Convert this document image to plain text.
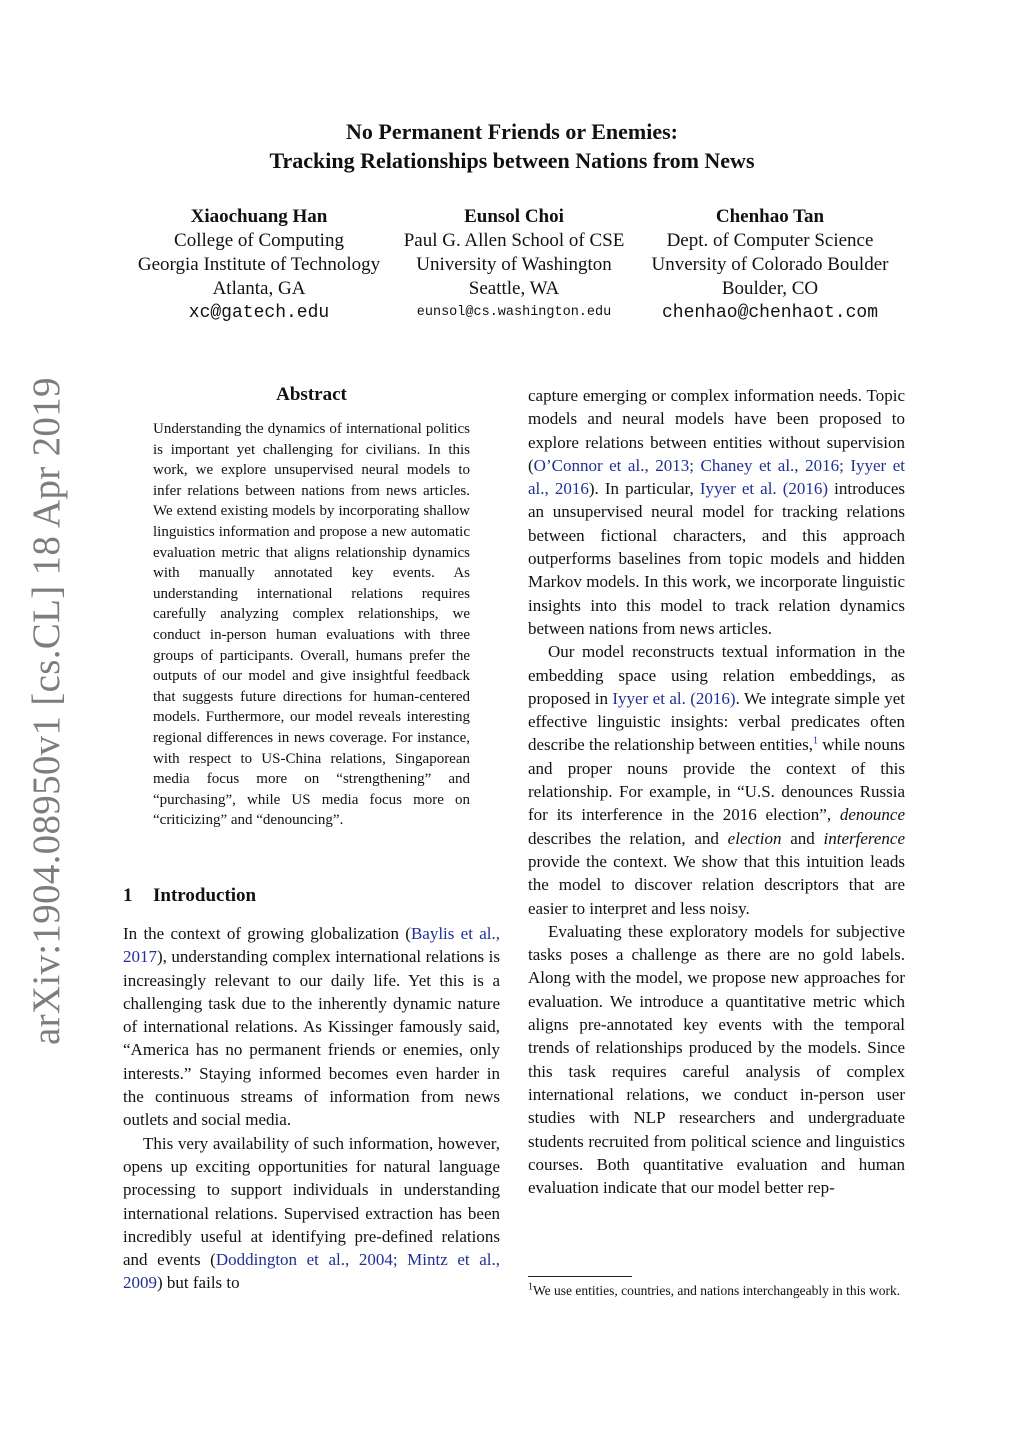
arXiv:1904.08950v1 [cs.CL] 18 Apr 2019
No Permanent Friends or Enemies:
Tracking Relationships between Nations from News
Xiaochuang Han
College of Computing
Georgia Institute of Technology
Atlanta, GA
xc@gatech.edu
Eunsol Choi
Paul G. Allen School of CSE
University of Washington
Seattle, WA
eunsol@cs.washington.edu
Chenhao Tan
Dept. of Computer Science
Unversity of Colorado Boulder
Boulder, CO
chenhao@chenhaot.com
Abstract
Understanding the dynamics of international politics is important yet challenging for civilians. In this work, we explore unsupervised neural models to infer relations between nations from news articles. We extend existing models by incorporating shallow linguistics information and propose a new automatic evaluation metric that aligns relationship dynamics with manually annotated key events. As understanding international relations requires carefully analyzing complex relationships, we conduct in-person human evaluations with three groups of participants. Overall, humans prefer the outputs of our model and give insightful feedback that suggests future directions for human-centered models. Furthermore, our model reveals interesting regional differences in news coverage. For instance, with respect to US-China relations, Singaporean media focus more on “strengthening” and “purchasing”, while US media focus more on “criticizing” and “denouncing”.
1 Introduction

In the context of growing globalization (Baylis et al., 2017), understanding complex international relations is increasingly relevant to our daily life. Yet this is a challenging task due to the inherently dynamic nature of international relations. As Kissinger famously said, “America has no permanent friends or enemies, only interests.” Staying informed becomes even harder in the continuous streams of information from news outlets and social media.

This very availability of such information, however, opens up exciting opportunities for natural language processing to support individuals in understanding international relations. Supervised extraction has been incredibly useful at identifying pre-defined relations and events (Doddington et al., 2004; Mintz et al., 2009) but fails to

capture emerging or complex information needs. Topic models and neural models have been proposed to explore relations between entities without supervision (O’Connor et al., 2013; Chaney et al., 2016; Iyyer et al., 2016). In particular, Iyyer et al. (2016) introduces an unsupervised neural model for tracking relations between fictional characters, and this approach outperforms baselines from topic models and hidden Markov models. In this work, we incorporate linguistic insights into this model to track relation dynamics between nations from news articles.

Our model reconstructs textual information in the embedding space using relation embeddings, as proposed in Iyyer et al. (2016). We integrate simple yet effective linguistic insights: verbal predicates often describe the relationship between entities,$^1$ while nouns and proper nouns provide the context of this relationship. For example, in “U.S. denounces Russia for its interference in the 2016 election”, denounce describes the relation, and election and interference provide the context. We show that this intuition leads the model to discover relation descriptors that are easier to interpret and less noisy.

Evaluating these exploratory models for subjective tasks poses a challenge as there are no gold labels. Along with the model, we propose new approaches for evaluation. We introduce a quantitative metric which aligns pre-annotated key events with the temporal trends of relationships produced by the models. Since this task requires careful analysis of complex international relations, we conduct in-person user studies with NLP researchers and undergraduate students recruited from political science and linguistics courses. Both quantitative evaluation and human evaluation indicate that our model better rep-

$^1$We use entities, countries, and nations interchangeably in this work.
